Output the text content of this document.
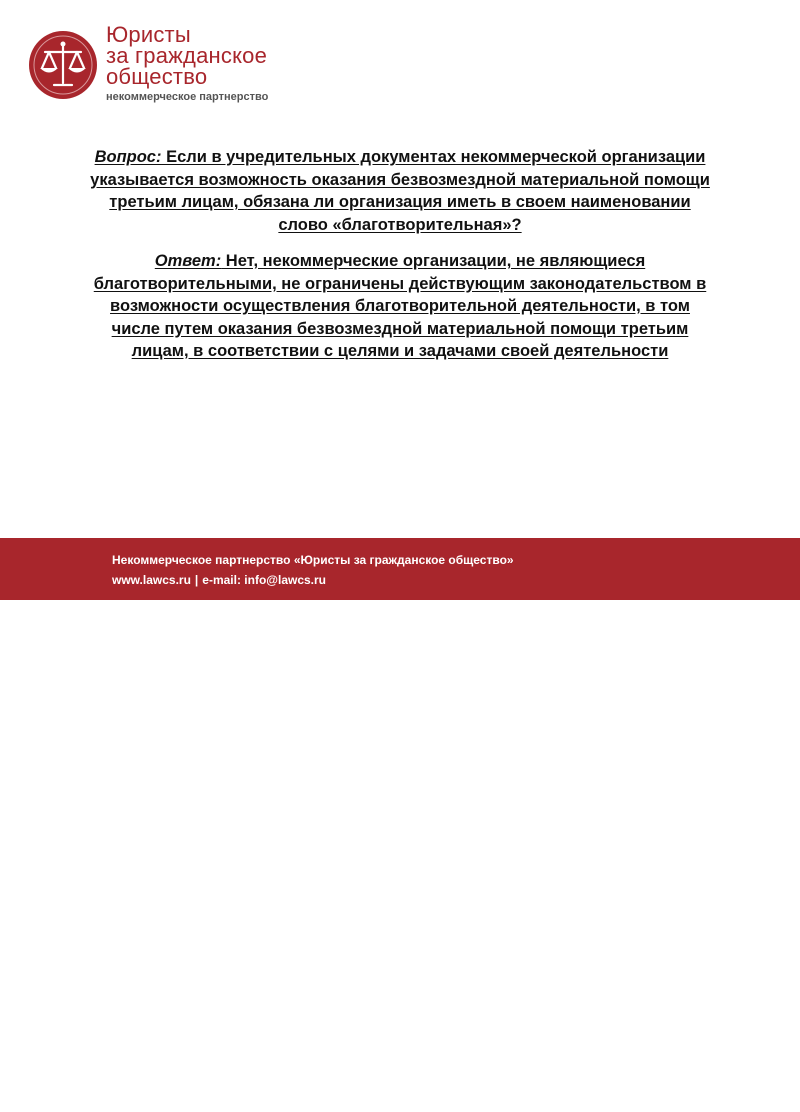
Юристы
за гражданское
общество
некоммерческое партнерство
Вопрос: Если в учредительных документах некоммерческой организации указывается возможность оказания безвозмездной материальной помощи третьим лицам, обязана ли организация иметь в своем наименовании слово «благотворительная»?
Ответ: Нет, некоммерческие организации, не являющиеся благотворительными, не ограничены действующим законодательством в возможности осуществления благотворительной деятельности, в том числе путем оказания безвозмездной материальной помощи третьим лицам, в соответствии с целями и задачами своей деятельности
Некоммерческое партнерство «Юристы за гражданское общество»
www.lawcs.ru | e-mail: info@lawcs.ru
MyShared
